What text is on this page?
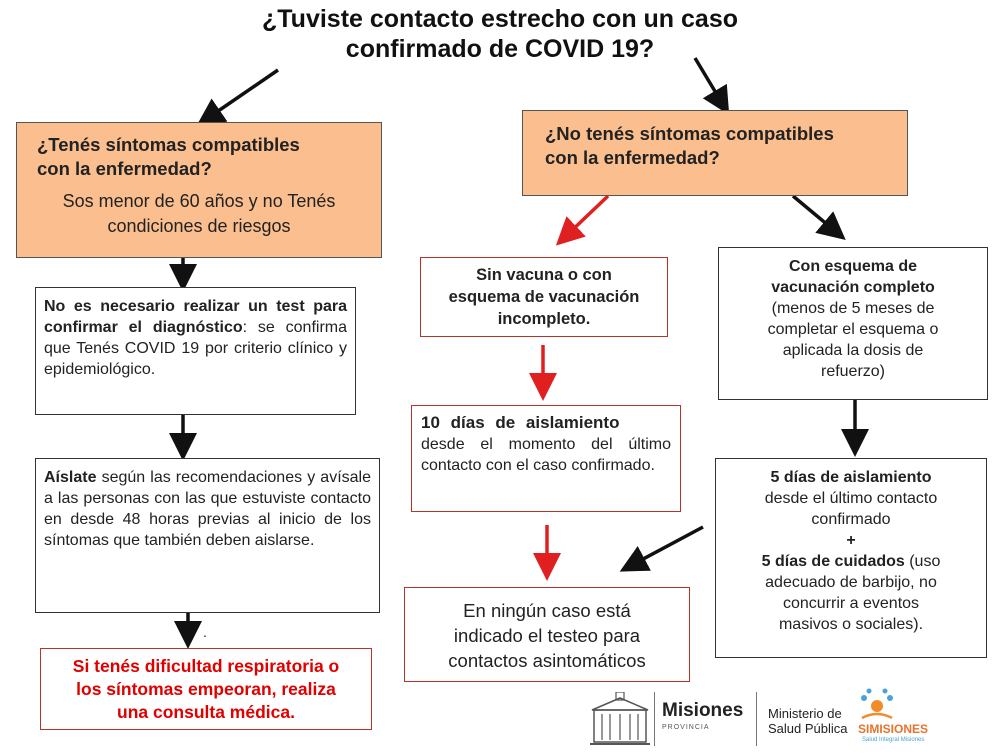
¿Tuviste contacto estrecho con un caso
confirmado de COVID 19?
¿Tenés síntomas compatibles
con la enfermedad?
Sos menor de 60 años y no Tenés
condiciones de riesgos
No es necesario realizar un test para confirmar el diagnóstico: se confirma que Tenés COVID 19 por criterio clínico y epidemiológico.
Aíslate según las recomendaciones y avísale a las personas con las que estuviste contacto en desde 48 horas previas al inicio de los síntomas que también deben aislarse.
.
Si tenés dificultad respiratoria o
los síntomas empeoran, realiza
una consulta médica.
¿No tenés síntomas compatibles
con la enfermedad?
Sin vacuna o con
esquema de vacunación
incompleto.
10 días de aislamiento
desde el momento del último contacto con el caso confirmado.
En ningún caso está
indicado el testeo para
contactos asintomáticos
Con esquema de
vacunación completo
(menos de 5 meses de
completar el esquema o
aplicada la dosis de
refuerzo)
5 días de aislamiento
desde el último contacto
confirmado
+
5 días de cuidados (uso
adecuado de barbijo, no
concurrir a eventos
masivos o sociales).
Misiones
PROVINCIA
Ministerio de
Salud Pública SIMISIONES
Salud Integral Misiones
